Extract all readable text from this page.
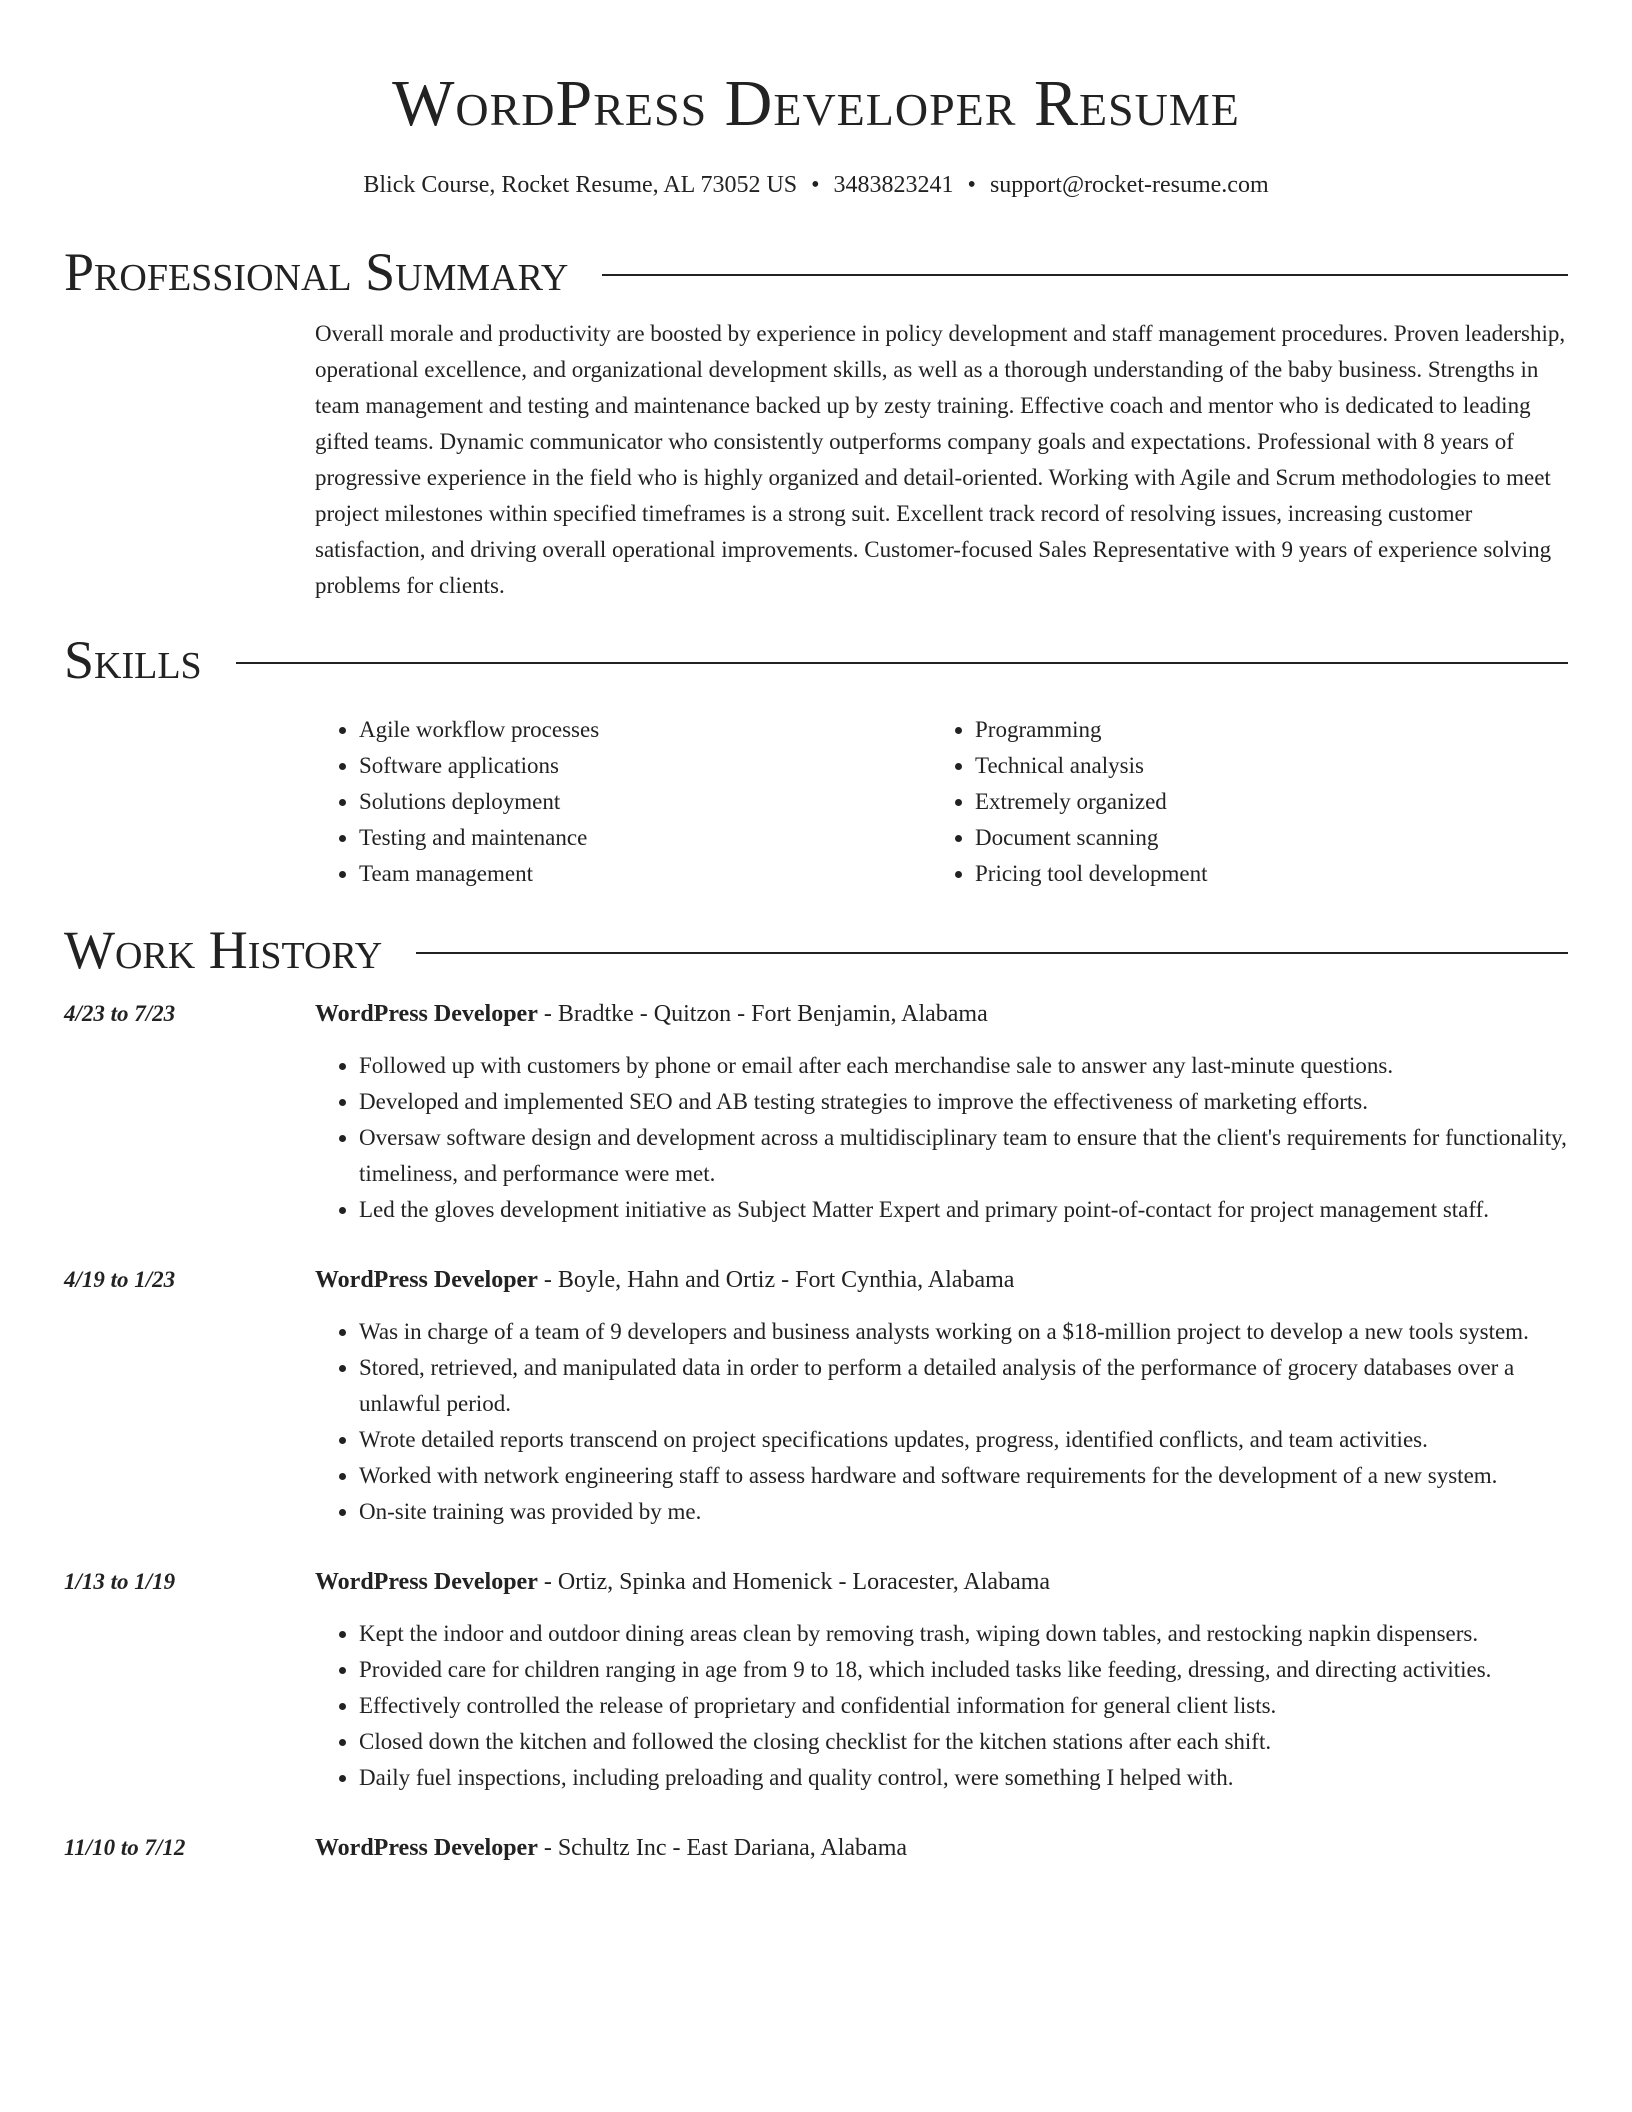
WordPress Developer Resume
Blick Course, Rocket Resume, AL 73052 US • 3483823241 • support@rocket-resume.com
Professional Summary
Overall morale and productivity are boosted by experience in policy development and staff management procedures. Proven leadership, operational excellence, and organizational development skills, as well as a thorough understanding of the baby business. Strengths in team management and testing and maintenance backed up by zesty training. Effective coach and mentor who is dedicated to leading gifted teams. Dynamic communicator who consistently outperforms company goals and expectations. Professional with 8 years of progressive experience in the field who is highly organized and detail-oriented. Working with Agile and Scrum methodologies to meet project milestones within specified timeframes is a strong suit. Excellent track record of resolving issues, increasing customer satisfaction, and driving overall operational improvements. Customer-focused Sales Representative with 9 years of experience solving problems for clients.
Skills
• Agile workflow processes
• Software applications
• Solutions deployment
• Testing and maintenance
• Team management
• Programming
• Technical analysis
• Extremely organized
• Document scanning
• Pricing tool development
Work History
4/23 to 7/23	WordPress Developer - Bradtke - Quitzon - Fort Benjamin, Alabama
• Followed up with customers by phone or email after each merchandise sale to answer any last-minute questions.
• Developed and implemented SEO and AB testing strategies to improve the effectiveness of marketing efforts.
• Oversaw software design and development across a multidisciplinary team to ensure that the client's requirements for functionality, timeliness, and performance were met.
• Led the gloves development initiative as Subject Matter Expert and primary point-of-contact for project management staff.
4/19 to 1/23	WordPress Developer - Boyle, Hahn and Ortiz - Fort Cynthia, Alabama
• Was in charge of a team of 9 developers and business analysts working on a $18-million project to develop a new tools system.
• Stored, retrieved, and manipulated data in order to perform a detailed analysis of the performance of grocery databases over a unlawful period.
• Wrote detailed reports transcend on project specifications updates, progress, identified conflicts, and team activities.
• Worked with network engineering staff to assess hardware and software requirements for the development of a new system.
• On-site training was provided by me.
1/13 to 1/19	WordPress Developer - Ortiz, Spinka and Homenick - Loracester, Alabama
• Kept the indoor and outdoor dining areas clean by removing trash, wiping down tables, and restocking napkin dispensers.
• Provided care for children ranging in age from 9 to 18, which included tasks like feeding, dressing, and directing activities.
• Effectively controlled the release of proprietary and confidential information for general client lists.
• Closed down the kitchen and followed the closing checklist for the kitchen stations after each shift.
• Daily fuel inspections, including preloading and quality control, were something I helped with.
11/10 to 7/12	WordPress Developer - Schultz Inc - East Dariana, Alabama
